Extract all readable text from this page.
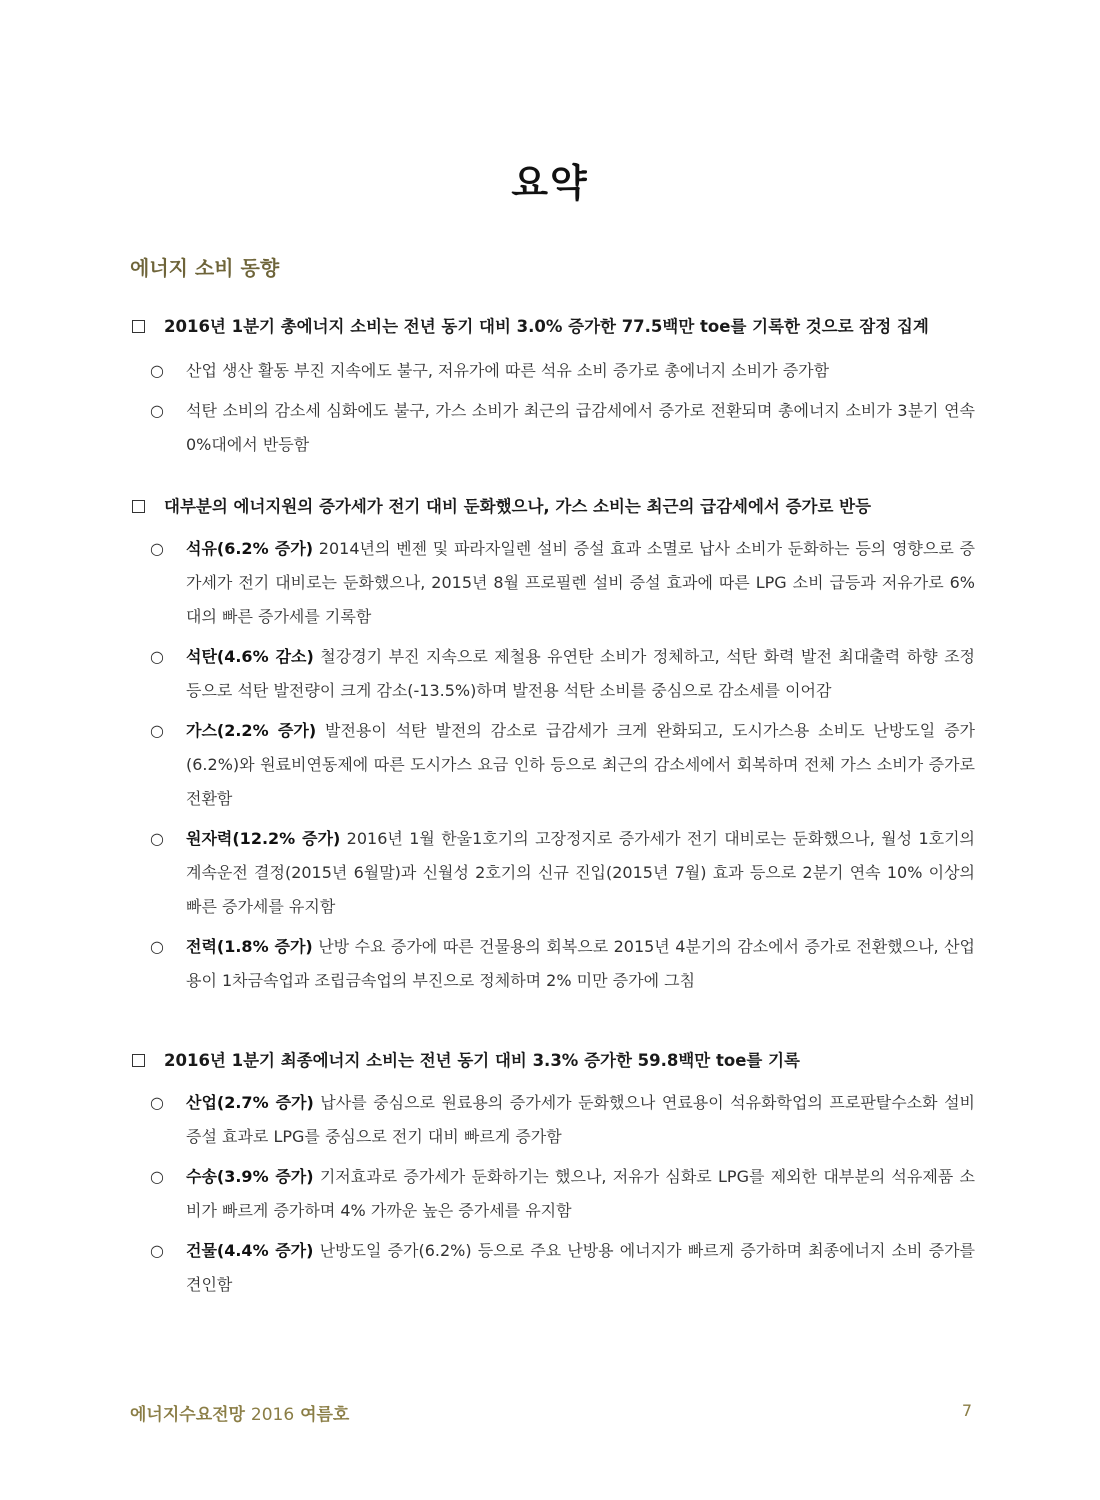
요약
에너지 소비 동향
2016년 1분기 총에너지 소비는 전년 동기 대비 3.0% 증가한 77.5백만 toe를 기록한 것으로 잠정 집계
○	산업 생산 활동 부진 지속에도 불구, 저유가에 따른 석유 소비 증가로 총에너지 소비가 증가함
○	석탄 소비의 감소세 심화에도 불구, 가스 소비가 최근의 급감세에서 증가로 전환되며 총에너지 소비가 3분기 연속 0%대에서 반등함
대부분의 에너지원의 증가세가 전기 대비 둔화했으나, 가스 소비는 최근의 급감세에서 증가로 반등
○	석유(6.2% 증가) 2014년의 벤젠 및 파라자일렌 설비 증설 효과 소멸로 납사 소비가 둔화하는 등의 영향으로 증가세가 전기 대비로는 둔화했으나, 2015년 8월 프로필렌 설비 증설 효과에 따른 LPG 소비 급등과 저유가로 6%대의 빠른 증가세를 기록함
○	석탄(4.6% 감소) 철강경기 부진 지속으로 제철용 유연탄 소비가 정체하고, 석탄 화력 발전 최대출력 하향 조정 등으로 석탄 발전량이 크게 감소(-13.5%)하며 발전용 석탄 소비를 중심으로 감소세를 이어감
○	가스(2.2% 증가) 발전용이 석탄 발전의 감소로 급감세가 크게 완화되고, 도시가스용 소비도 난방도일 증가(6.2%)와 원료비연동제에 따른 도시가스 요금 인하 등으로 최근의 감소세에서 회복하며 전체 가스 소비가 증가로 전환함
○	원자력(12.2% 증가) 2016년 1월 한울1호기의 고장정지로 증가세가 전기 대비로는 둔화했으나, 월성 1호기의 계속운전 결정(2015년 6월말)과 신월성 2호기의 신규 진입(2015년 7월) 효과 등으로 2분기 연속 10% 이상의 빠른 증가세를 유지함
○	전력(1.8% 증가) 난방 수요 증가에 따른 건물용의 회복으로 2015년 4분기의 감소에서 증가로 전환했으나, 산업용이 1차금속업과 조립금속업의 부진으로 정체하며 2% 미만 증가에 그침
2016년 1분기 최종에너지 소비는 전년 동기 대비 3.3% 증가한 59.8백만 toe를 기록
○	산업(2.7% 증가) 납사를 중심으로 원료용의 증가세가 둔화했으나 연료용이 석유화학업의 프로판탈수소화 설비 증설 효과로 LPG를 중심으로 전기 대비 빠르게 증가함
○	수송(3.9% 증가) 기저효과로 증가세가 둔화하기는 했으나, 저유가 심화로 LPG를 제외한 대부분의 석유제품 소비가 빠르게 증가하며 4% 가까운 높은 증가세를 유지함
○	건물(4.4% 증가) 난방도일 증가(6.2%) 등으로 주요 난방용 에너지가 빠르게 증가하며 최종에너지 소비 증가를 견인함
에너지수요전망 2016 여름호	7
